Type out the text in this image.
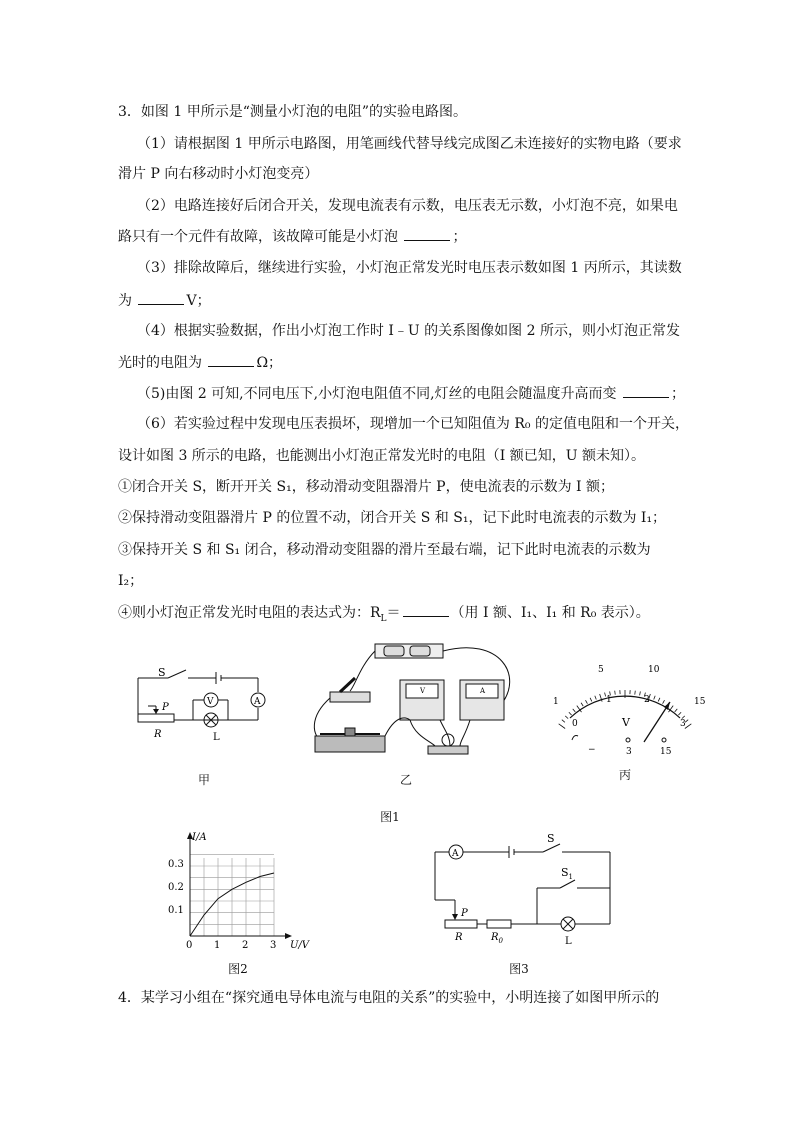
3．如图 1 甲所示是“测量小灯泡的电阻”的实验电路图。
（1）请根据图 1 甲所示电路图，用笔画线代替导线完成图乙未连接好的实物电路（要求
滑片 P 向右移动时小灯泡变亮）
（2）电路连接好后闭合开关，发现电流表有示数，电压表无示数，小灯泡不亮，如果电
路只有一个元件有故障，该故障可能是小灯泡	；
（3）排除故障后，继续进行实验，小灯泡正常发光时电压表示数如图 1 丙所示，其读数
为	V；
（4）根据实验数据，作出小灯泡工作时 I﹣U 的关系图像如图 2 所示，则小灯泡正常发
光时的电阻为	Ω；
（5)由图 2 可知,不同电压下,小灯泡电阻值不同,灯丝的电阻会随温度升高而变	；
（6）若实验过程中发现电压表损坏，现增加一个已知阻值为 R₀ 的定值电阻和一个开关，
设计如图 3 所示的电路，也能测出小灯泡正常发光时的电阻（I 额已知，U 额未知）。
①闭合开关 S，断开开关 S₁，移动滑动变阻器滑片 P，使电流表的示数为 I 额；
②保持滑动变阻器滑片 P 的位置不动，闭合开关 S 和 S₁，记下此时电流表的示数为 I₁；
③保持开关 S 和 S₁ 闭合，移动滑动变阻器的滑片至最右端，记下此时电流表的示数为
I₂；
④则小灯泡正常发光时电阻的表达式为：$R_L=$	（用 I 额、I₁、I₁ 和 R₀ 表示）。
S
P
R	L
V	A
甲
V	A
乙
5	10
1
0
1	2	15
3
V
−	3	15
丙
图1
I/A
U/V
0.3
0.2
0.1
0 1 2 3
图2
A
S
$S_1$
P
R	$R_0$	L
图3
4．某学习小组在“探究通电导体电流与电阻的关系”的实验中，小明连接了如图甲所示的
